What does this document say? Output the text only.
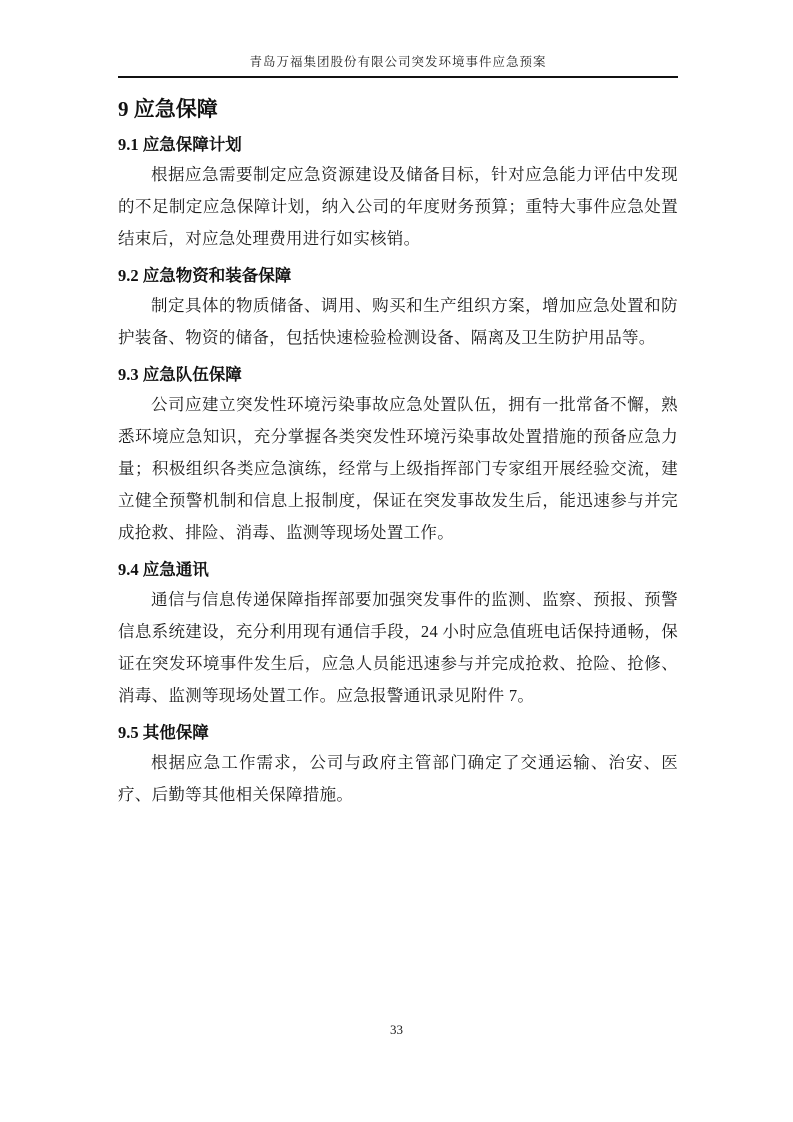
青岛万福集团股份有限公司突发环境事件应急预案
9 应急保障
9.1 应急保障计划

根据应急需要制定应急资源建设及储备目标，针对应急能力评估中发现的不足制定应急保障计划，纳入公司的年度财务预算；重特大事件应急处置结束后，对应急处理费用进行如实核销。

9.2 应急物资和装备保障

制定具体的物质储备、调用、购买和生产组织方案，增加应急处置和防护装备、物资的储备，包括快速检验检测设备、隔离及卫生防护用品等。

9.3 应急队伍保障

公司应建立突发性环境污染事故应急处置队伍，拥有一批常备不懈，熟悉环境应急知识，充分掌握各类突发性环境污染事故处置措施的预备应急力量；积极组织各类应急演练，经常与上级指挥部门专家组开展经验交流，建立健全预警机制和信息上报制度，保证在突发事故发生后，能迅速参与并完成抢救、排险、消毒、监测等现场处置工作。

9.4 应急通讯

通信与信息传递保障指挥部要加强突发事件的监测、监察、预报、预警信息系统建设，充分利用现有通信手段，24 小时应急值班电话保持通畅，保证在突发环境事件发生后，应急人员能迅速参与并完成抢救、抢险、抢修、消毒、监测等现场处置工作。应急报警通讯录见附件 7。

9.5 其他保障

根据应急工作需求，公司与政府主管部门确定了交通运输、治安、医疗、后勤等其他相关保障措施。

33
